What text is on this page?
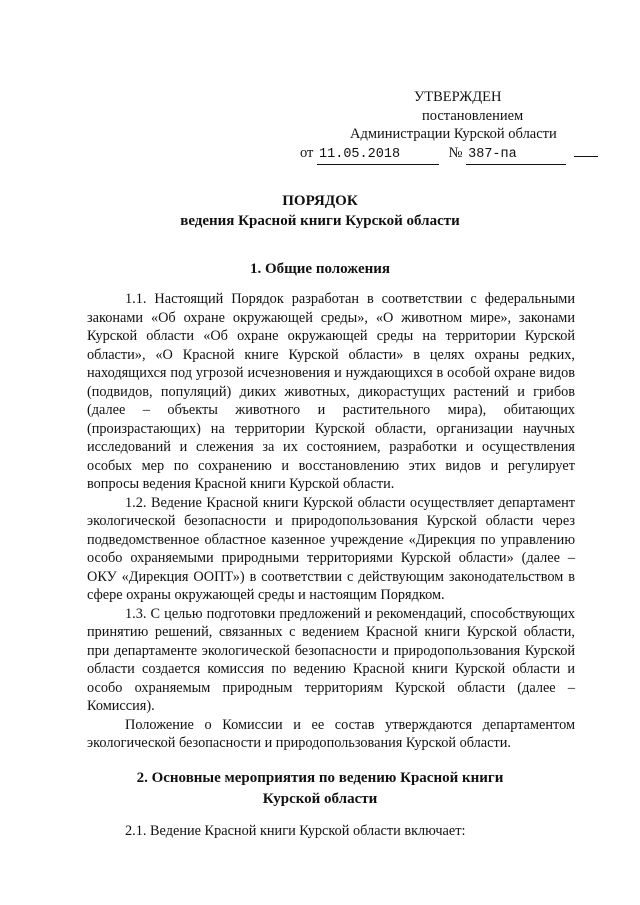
УТВЕРЖДЕН
постановлением
Администрации Курской области
от 11.05.2018	№ 387-па
ПОРЯДОК
ведения Красной книги Курской области
1. Общие положения

1.1. Настоящий Порядок разработан в соответствии с федеральными законами «Об охране окружающей среды», «О животном мире», законами Курской области «Об охране окружающей среды на территории Курской области», «О Красной книге Курской области» в целях охраны редких, находящихся под угрозой исчезновения и нуждающихся в особой охране видов (подвидов, популяций) диких животных, дикорастущих растений и грибов (далее – объекты животного и растительного мира), обитающих (произрастающих) на территории Курской области, организации научных исследований и слежения за их состоянием, разработки и осуществления особых мер по сохранению и восстановлению этих видов и регулирует вопросы ведения Красной книги Курской области.

1.2. Ведение Красной книги Курской области осуществляет департамент экологической безопасности и природопользования Курской области через подведомственное областное казенное учреждение «Дирекция по управлению особо охраняемыми природными территориями Курской области» (далее – ОКУ «Дирекция ООПТ») в соответствии с действующим законодательством в сфере охраны окружающей среды и настоящим Порядком.

1.3. С целью подготовки предложений и рекомендаций, способствующих принятию решений, связанных с ведением Красной книги Курской области, при департаменте экологической безопасности и природопользования Курской области создается комиссия по ведению Красной книги Курской области и особо охраняемым природным территориям Курской области (далее – Комиссия).

Положение о Комиссии и ее состав утверждаются департаментом экологической безопасности и природопользования Курской области.

2. Основные мероприятия по ведению Красной книги
Курской области
2.1. Ведение Красной книги Курской области включает:
